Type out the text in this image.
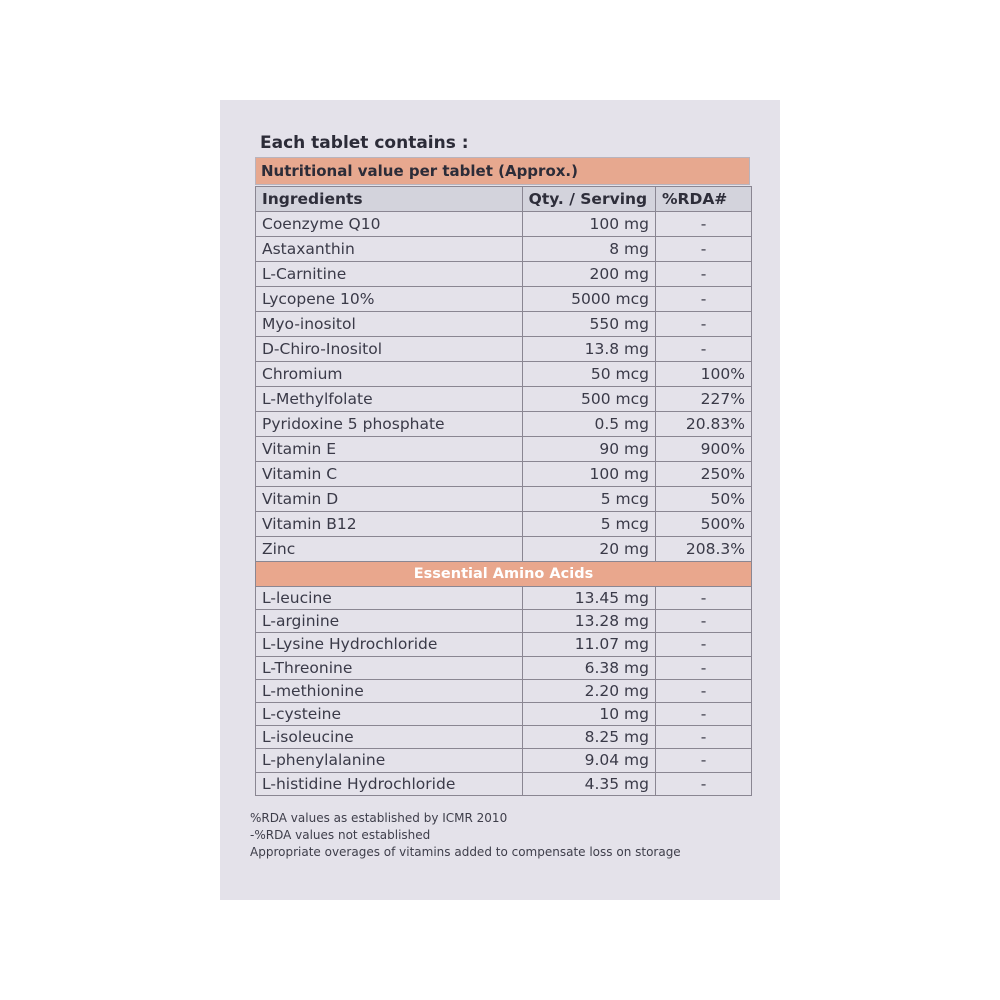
Each tablet contains :
Nutritional value per tablet (Approx.)
Ingredients	Qty. / Serving	%RDA#
Coenzyme Q10	100 mg	-
Astaxanthin	8 mg	-
L-Carnitine	200 mg	-
Lycopene 10%	5000 mcg	-
Myo-inositol	550 mg	-
D-Chiro-Inositol	13.8 mg	-
Chromium	50 mcg	100%
L-Methylfolate	500 mcg	227%
Pyridoxine 5 phosphate	0.5 mg	20.83%
Vitamin E	90 mg	900%
Vitamin C	100 mg	250%
Vitamin D	5 mcg	50%
Vitamin B12	5 mcg	500%
Zinc	20 mg	208.3%
Essential Amino Acids		
L-leucine	13.45 mg	-
L-arginine	13.28 mg	-
L-Lysine Hydrochloride	11.07 mg	-
L-Threonine	6.38 mg	-
L-methionine	2.20 mg	-
L-cysteine	10 mg	-
L-isoleucine	8.25 mg	-
L-phenylalanine	9.04 mg	-
L-histidine Hydrochloride	4.35 mg	-
%RDA values as established by ICMR 2010
-%RDA values not established
Appropriate overages of vitamins added to compensate loss on storage
